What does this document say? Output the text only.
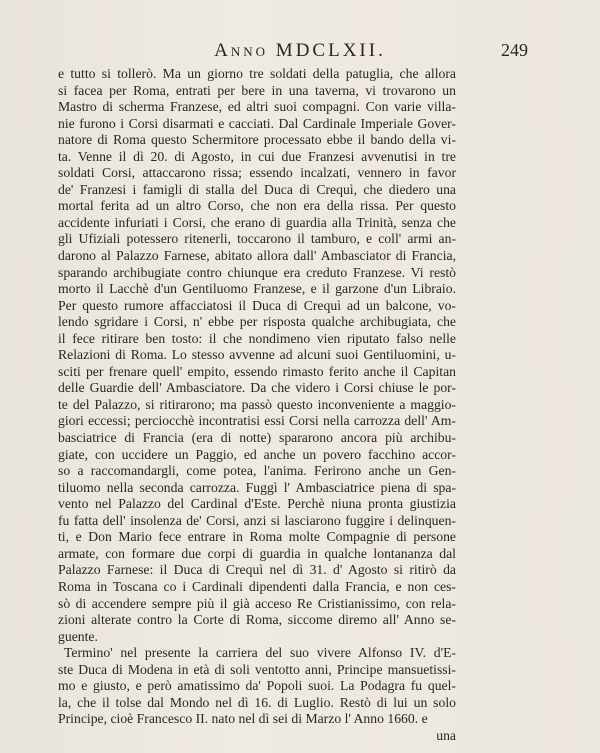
Anno MDCLXII.	249
e tutto si tollerò. Ma un giorno tre soldati della patuglia, che allora
si facea per Roma, entrati per bere in una taverna, vi trovarono un
Mastro di scherma Franzese, ed altri suoi compagni. Con varie villa-
nie furono i Corsi disarmati e cacciati. Dal Cardinale Imperiale Gover-
natore di Roma questo Schermitore processato ebbe il bando della vi-
ta. Venne il dì 20. di Agosto, in cui due Franzesi avvenutisi in tre
soldati Corsi, attaccarono rissa; essendo incalzati, vennero in favor
de' Franzesi i famigli di stalla del Duca di Crequì, che diedero una
mortal ferita ad un altro Corso, che non era della rissa. Per questo
accidente infuriati i Corsi, che erano di guardia alla Trinità, senza che
gli Ufiziali potessero ritenerli, toccarono il tamburo, e coll' armi an-
darono al Palazzo Farnese, abitato allora dall' Ambasciator di Francia,
sparando archibugiate contro chiunque era creduto Franzese. Vi restò
morto il Lacchè d'un Gentiluomo Franzese, e il garzone d'un Libraio.
Per questo rumore affacciatosi il Duca di Crequì ad un balcone, vo-
lendo sgridare i Corsi, n' ebbe per risposta qualche archibugiata, che
il fece ritirare ben tosto: il che nondimeno vien riputato falso nelle
Relazioni di Roma. Lo stesso avvenne ad alcuni suoi Gentiluomini, u-
sciti per frenare quell' empito, essendo rimasto ferito anche il Capitan
delle Guardie dell' Ambasciatore. Da che videro i Corsi chiuse le por-
te del Palazzo, si ritirarono; ma passò questo inconveniente a maggio-
giori eccessi; perciocchè incontratisi essi Corsi nella carrozza dell' Am-
basciatrice di Francia (era di notte) spararono ancora più archibu-
giate, con uccidere un Paggio, ed anche un povero facchino accor-
so a raccomandargli, come potea, l'anima. Ferirono anche un Gen-
tiluomo nella seconda carrozza. Fuggì l' Ambasciatrice piena di spa-
vento nel Palazzo del Cardinal d'Este. Perchè niuna pronta giustizia
fu fatta dell' insolenza de' Corsi, anzi si lasciarono fuggire i delinquen-
ti, e Don Mario fece entrare in Roma molte Compagnie di persone
armate, con formare due corpi di guardia in qualche lontananza dal
Palazzo Farnese: il Duca di Crequì nel dì 31. d' Agosto si ritirò da
Roma in Toscana co i Cardinali dipendenti dalla Francia, e non ces-
sò di accendere sempre più il già acceso Re Cristianissimo, con rela-
zioni alterate contro la Corte di Roma, siccome diremo all' Anno se-
guente.
Termino' nel presente la carriera del suo vivere Alfonso IV. d'E-
ste Duca di Modena in età di soli ventotto anni, Principe mansuetissi-
mo e giusto, e però amatissimo da' Popoli suoi. La Podagra fu quel-
la, che il tolse dal Mondo nel dì 16. di Luglio. Restò di lui un solo
Principe, cioè Francesco II. nato nel dì sei di Marzo l' Anno 1660. e
una
